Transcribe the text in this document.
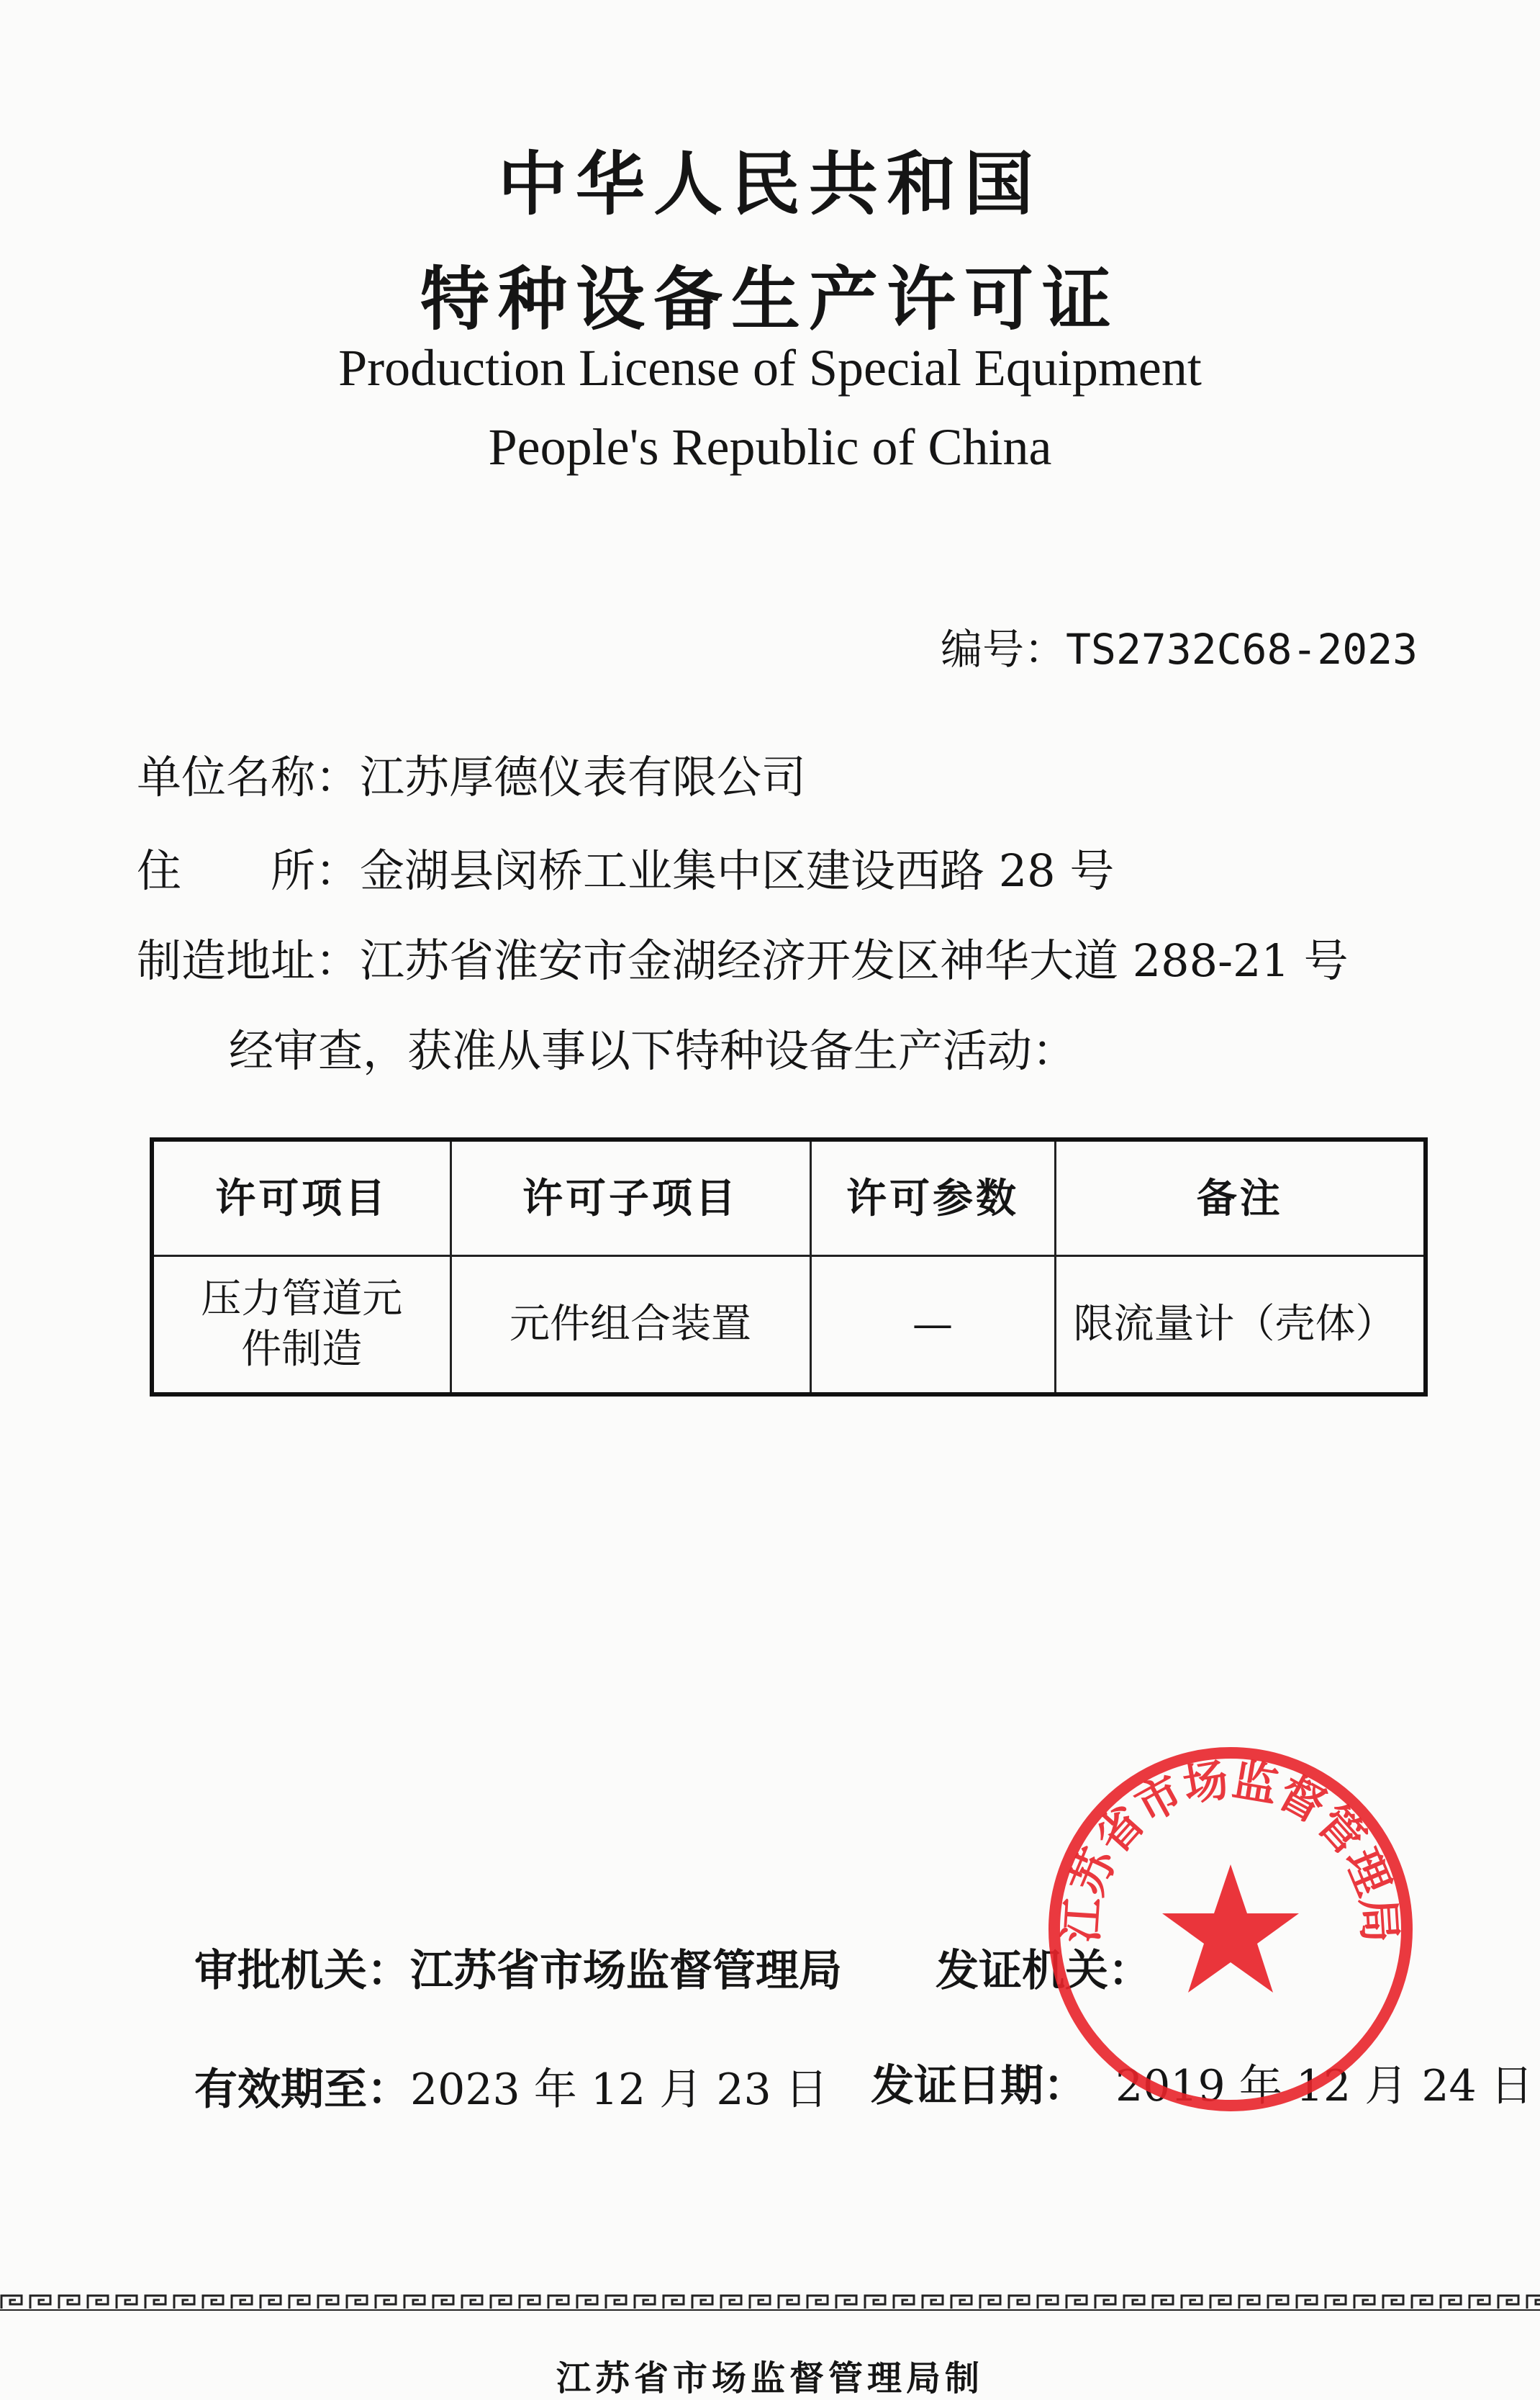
中华人民共和国
特种设备生产许可证
Production License of Special Equipment
People's Republic of China
编号：TS2732C68-2023
单位名称：江苏厚德仪表有限公司
住　　所：金湖县闵桥工业集中区建设西路 28 号
制造地址：江苏省淮安市金湖经济开发区神华大道 288-21 号
经审查，获准从事以下特种设备生产活动：
许可项目	许可子项目	许可参数	备注
压力管道元件制造	元件组合装置	—	限流量计（壳体）
审批机关：江苏省市场监督管理局 发证机关：
有效期至：2023 年 12 月 23 日 发证日期： 2019 年 12 月 24 日
江苏省市场监督管理局
江苏省市场监督管理局制
